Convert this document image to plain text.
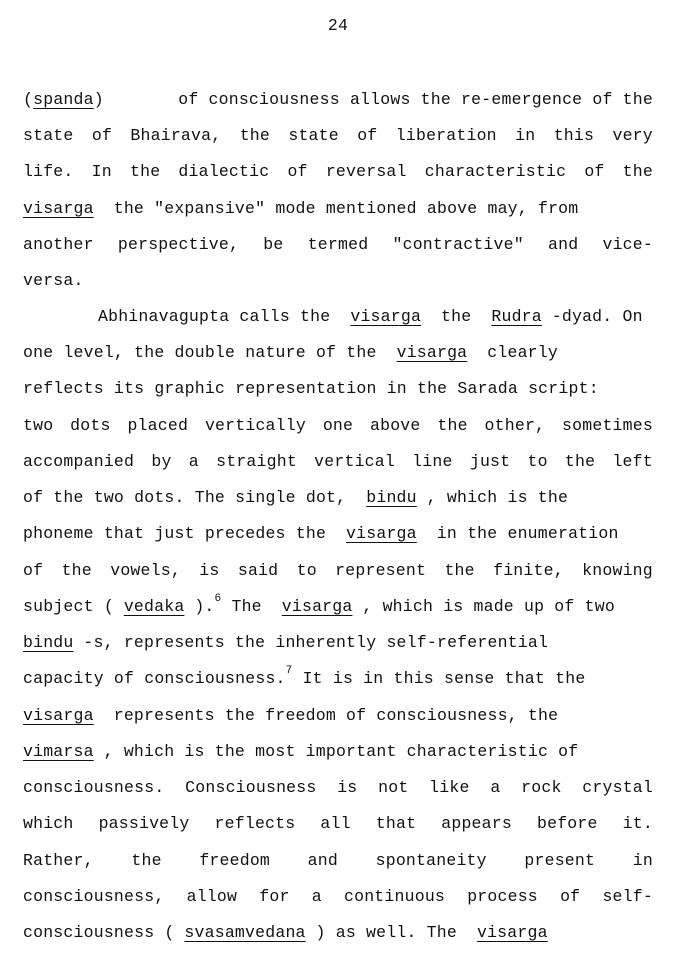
24
(spanda)	of consciousness allows the re-emergence of the
state of Bhairava, the state of liberation in this very
life. In the dialectic of reversal characteristic of the
visarga the "expansive" mode mentioned above may, from
another perspective, be termed "contractive" and vice-
versa.
Abhinavagupta calls the visarga the Rudra -dyad. On
one level, the double nature of the visarga clearly
reflects its graphic representation in the Sarada script:
two dots placed vertically one above the other, sometimes
accompanied by a straight vertical line just to the left
of the two dots. The single dot, bindu , which is the
phoneme that just precedes the visarga in the enumeration
of the vowels, is said to represent the finite, knowing
subject ( vedaka ).$^6$ The visarga , which is made up of two
bindu -s, represents the inherently self-referential
capacity of consciousness.$^7$ It is in this sense that the
visarga represents the freedom of consciousness, the
vimarsa , which is the most important characteristic of
consciousness. Consciousness is not like a rock crystal
which passively reflects all that appears before it.
Rather, the freedom and spontaneity present in
consciousness, allow for a continuous process of self-
consciousness ( svasamvedana ) as well. The visarga
